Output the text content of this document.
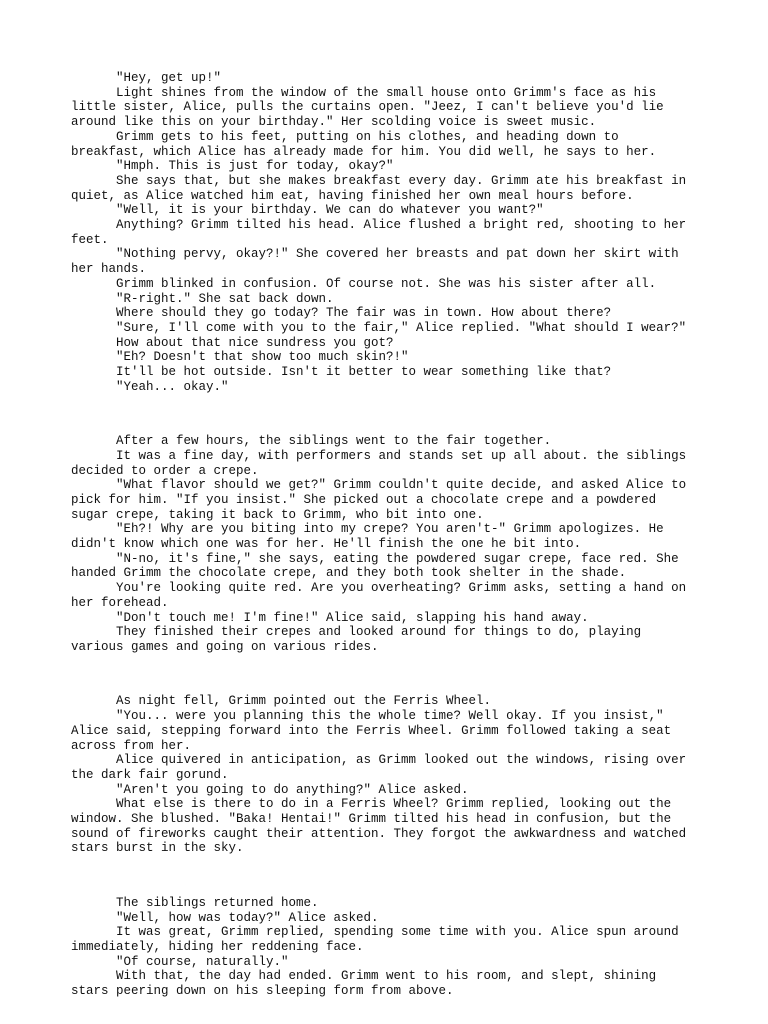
"Hey, get up!"

Light shines from the window of the small house onto Grimm's face as his little sister, Alice, pulls the curtains open. "Jeez, I can't believe you'd lie around like this on your birthday." Her scolding voice is sweet music.

Grimm gets to his feet, putting on his clothes, and heading down to breakfast, which Alice has already made for him. You did well, he says to her.

"Hmph. This is just for today, okay?"

She says that, but she makes breakfast every day. Grimm ate his breakfast in quiet, as Alice watched him eat, having finished her own meal hours before.

"Well, it is your birthday. We can do whatever you want?"

Anything? Grimm tilted his head. Alice flushed a bright red, shooting to her feet.

"Nothing pervy, okay?!" She covered her breasts and pat down her skirt with her hands.

Grimm blinked in confusion. Of course not. She was his sister after all.

"R-right." She sat back down.

Where should they go today? The fair was in town. How about there?

"Sure, I'll come with you to the fair," Alice replied. "What should I wear?"

How about that nice sundress you got?

"Eh? Doesn't that show too much skin?!"

It'll be hot outside. Isn't it better to wear something like that?

"Yeah... okay."

After a few hours, the siblings went to the fair together.

It was a fine day, with performers and stands set up all about. the siblings decided to order a crepe.

"What flavor should we get?" Grimm couldn't quite decide, and asked Alice to pick for him. "If you insist." She picked out a chocolate crepe and a powdered sugar crepe, taking it back to Grimm, who bit into one.

"Eh?! Why are you biting into my crepe? You aren't-" Grimm apologizes. He didn't know which one was for her. He'll finish the one he bit into.

"N-no, it's fine," she says, eating the powdered sugar crepe, face red. She handed Grimm the chocolate crepe, and they both took shelter in the shade.

You're looking quite red. Are you overheating? Grimm asks, setting a hand on her forehead.

"Don't touch me! I'm fine!" Alice said, slapping his hand away.

They finished their crepes and looked around for things to do, playing various games and going on various rides.

As night fell, Grimm pointed out the Ferris Wheel.

"You... were you planning this the whole time? Well okay. If you insist," Alice said, stepping forward into the Ferris Wheel. Grimm followed taking a seat across from her.

Alice quivered in anticipation, as Grimm looked out the windows, rising over the dark fair gorund.

"Aren't you going to do anything?" Alice asked.

What else is there to do in a Ferris Wheel? Grimm replied, looking out the window. She blushed. "Baka! Hentai!" Grimm tilted his head in confusion, but the sound of fireworks caught their attention. They forgot the awkwardness and watched stars burst in the sky.

The siblings returned home.

"Well, how was today?" Alice asked.

It was great, Grimm replied, spending some time with you. Alice spun around immediately, hiding her reddening face.

"Of course, naturally."

With that, the day had ended. Grimm went to his room, and slept, shining stars peering down on his sleeping form from above.
